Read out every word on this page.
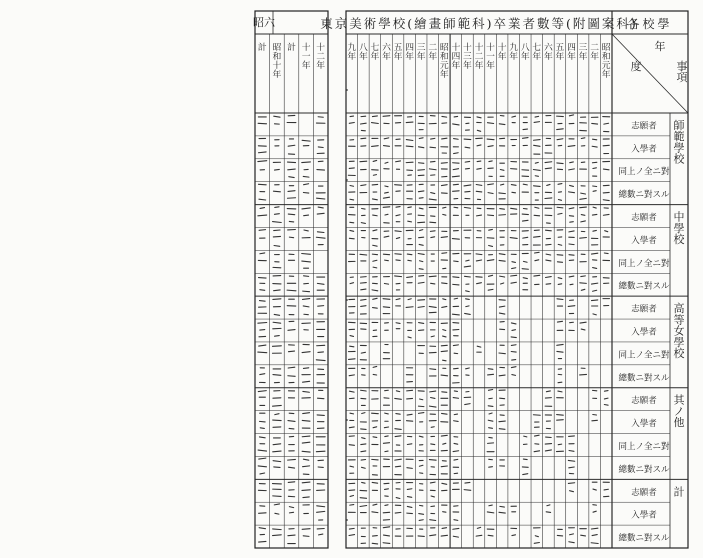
東京美術學校(繪畫師範科)卒業者數等(附圖案科)
昭六	各校學
年
度	事項
九年
八年
七年
六年
五年
四年
三年
二年
昭和元年
十四年
十三年
十二年
十一年
十年
九年
八年
七年
六年
五年
四年
三年
二年
昭和元年
計 昭和十年
計 十一年
十二年
師範學校
志願者
入學者
同上ノ全ニ對
總數ニ對スル
中學校
志願者
入學者
同上ノ全ニ對
總數ニ對スル
高等女學校
志願者
入學者
同上ノ全ニ對
總數ニ對スル
其ノ他
志願者
入學者
同上ノ全ニ對
總數ニ對スル
計
志願者
入學者
總數ニ對スル
